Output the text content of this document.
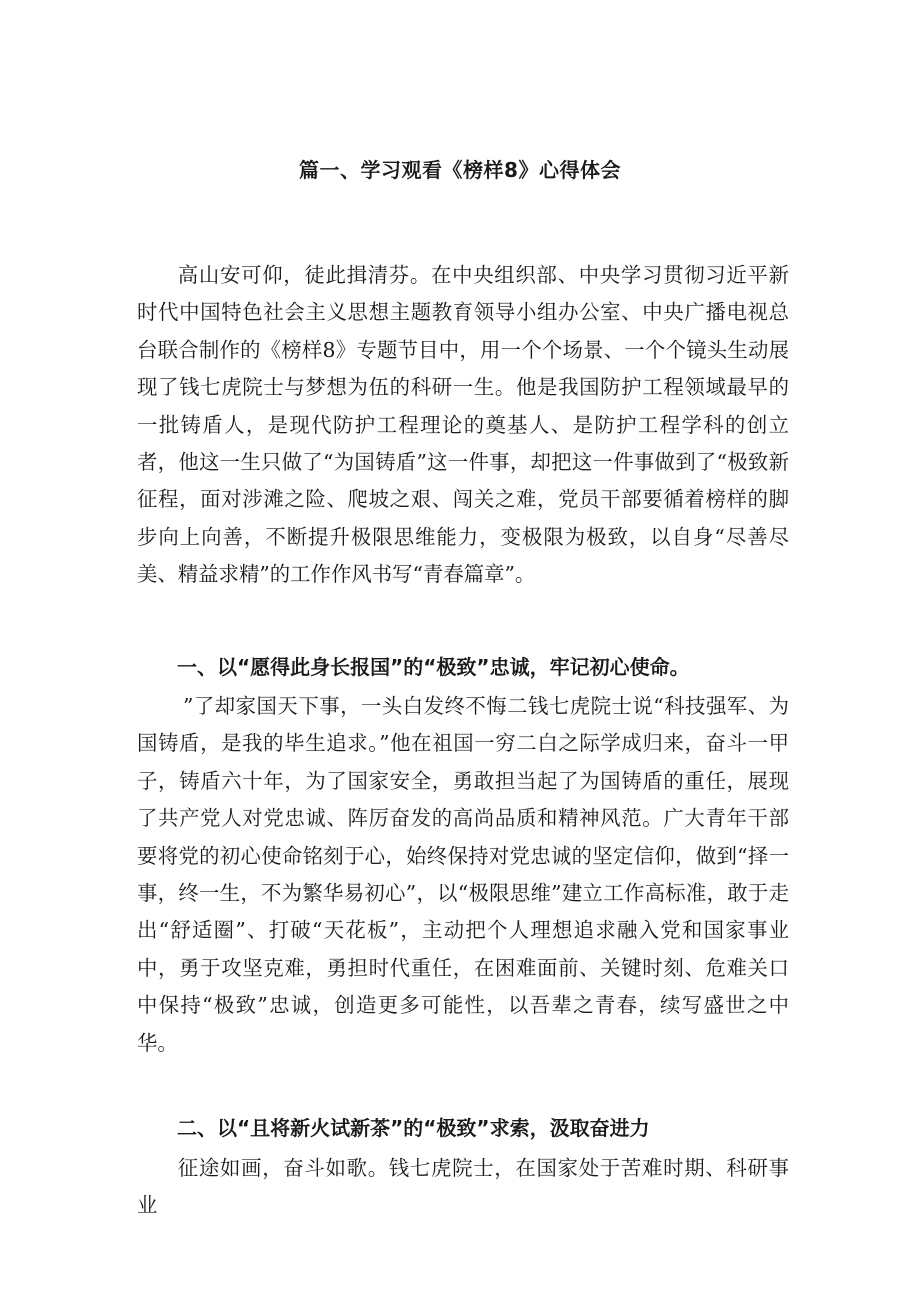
篇一、学习观看《榜样8》心得体会

高山安可仰，徒此揖清芬。在中央组织部、中央学习贯彻习近平新时代中国特色社会主义思想主题教育领导小组办公室、中央广播电视总台联合制作的《榜样8》专题节目中，用一个个场景、一个个镜头生动展现了钱七虎院士与梦想为伍的科研一生。他是我国防护工程领域最早的一批铸盾人，是现代防护工程理论的奠基人、是防护工程学科的创立者，他这一生只做了“为国铸盾”这一件事，却把这一件事做到了“极致新征程，面对涉滩之险、爬坡之艰、闯关之难，党员干部要循着榜样的脚步向上向善，不断提升极限思维能力，变极限为极致，以自身“尽善尽美、精益求精”的工作作风书写“青春篇章”。

一、以“愿得此身长报国”的“极致”忠诚，牢记初心使命。

”了却家国天下事，一头白发终不悔二钱七虎院士说“科技强军、为国铸盾，是我的毕生追求。”他在祖国一穷二白之际学成归来，奋斗一甲子，铸盾六十年，为了国家安全，勇敢担当起了为国铸盾的重任，展现了共产党人对党忠诚、阵厉奋发的高尚品质和精神风范。广大青年干部要将党的初心使命铭刻于心，始终保持对党忠诚的坚定信仰，做到“择一事，终一生，不为繁华易初心”，以“极限思维”建立工作高标准，敢于走出“舒适圈”、打破“天花板”，主动把个人理想追求融入党和国家事业中，勇于攻坚克难，勇担时代重任，在困难面前、关键时刻、危难关口中保持“极致”忠诚，创造更多可能性，以吾辈之青春，续写盛世之中华。

二、以“且将新火试新茶”的“极致”求索，汲取奋进力

征途如画，奋斗如歌。钱七虎院士，在国家处于苦难时期、科研事业
